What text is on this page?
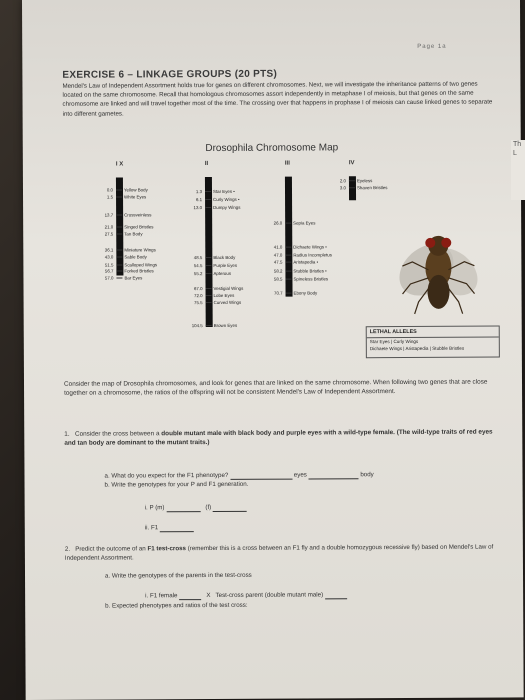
Page 1a
EXERCISE 6 – LINKAGE GROUPS (20 PTS)
Mendel's Law of Independent Assortment holds true for genes on different chromosomes. Next, we will investigate the inheritance patterns of two genes located on the same chromosome. Recall that homologous chromosomes assort independently in metaphase I of meiosis, but that genes on the same chromosome are linked and will travel together most of the time. The crossing over that happens in prophase I of meiosis can cause linked genes to separate into different gametes.
Drosophila Chromosome Map
I X	II	III	IV
0.0 Yellow Body
1.5 White Eyes
13.7 Crossveinless
21.0 Singed Bristles
27.5 Tan Body
36.1 Miniature Wings
43.0 Sable Body
51.5 Scalloped Wings
56.7 Forked Bristles
57.0 Bar Eyes
1.3 Star Eyes •
6.1 Curly Wings •
13.0 Dumpy Wings
48.5 Black Body
54.5 Purple Eyes
55.2 Apterous
67.0 Vestigial Wings
72.0 Lobe Eyes
75.5 Curved Wings
104.5 Brown Eyes
26.0 Sepia Eyes
41.0 Dichaete Wings •
47.0 Radius Incompletus
47.5 Aristapedia •
58.2 Stubble Bristles •
58.5 Spineless Bristles
70.7 Ebony Body
2.0 Eyeless
3.0 Shaven Bristles
LETHAL ALLELES
Star Eyes | Curly Wings
Dichaete Wings | Aristapedia | Stubble Bristles
Consider the map of Drosophila chromosomes, and look for genes that are linked on the same chromosome. When following two genes that are close together on a chromosome, the ratios of the offspring will not be consistent Mendel's Law of Independent Assortment.
1. Consider the cross between a double mutant male with black body and purple eyes with a wild-type female. (The wild-type traits of red eyes and tan body are dominant to the mutant traits.)
a. What do you expect for the F1 phenotype?	eyes	body
b. Write the genotypes for your P and F1 generation.
i. P (m)	(f)
ii. F1
2. Predict the outcome of an F1 test-cross (remember this is a cross between an F1 fly and a double homozygous recessive fly) based on Mendel's Law of Independent Assortment.
a. Write the genotypes of the parents in the test-cross
i. F1 female	X Test-cross parent (double mutant male)
b. Expected phenotypes and ratios of the test cross:
Th L
